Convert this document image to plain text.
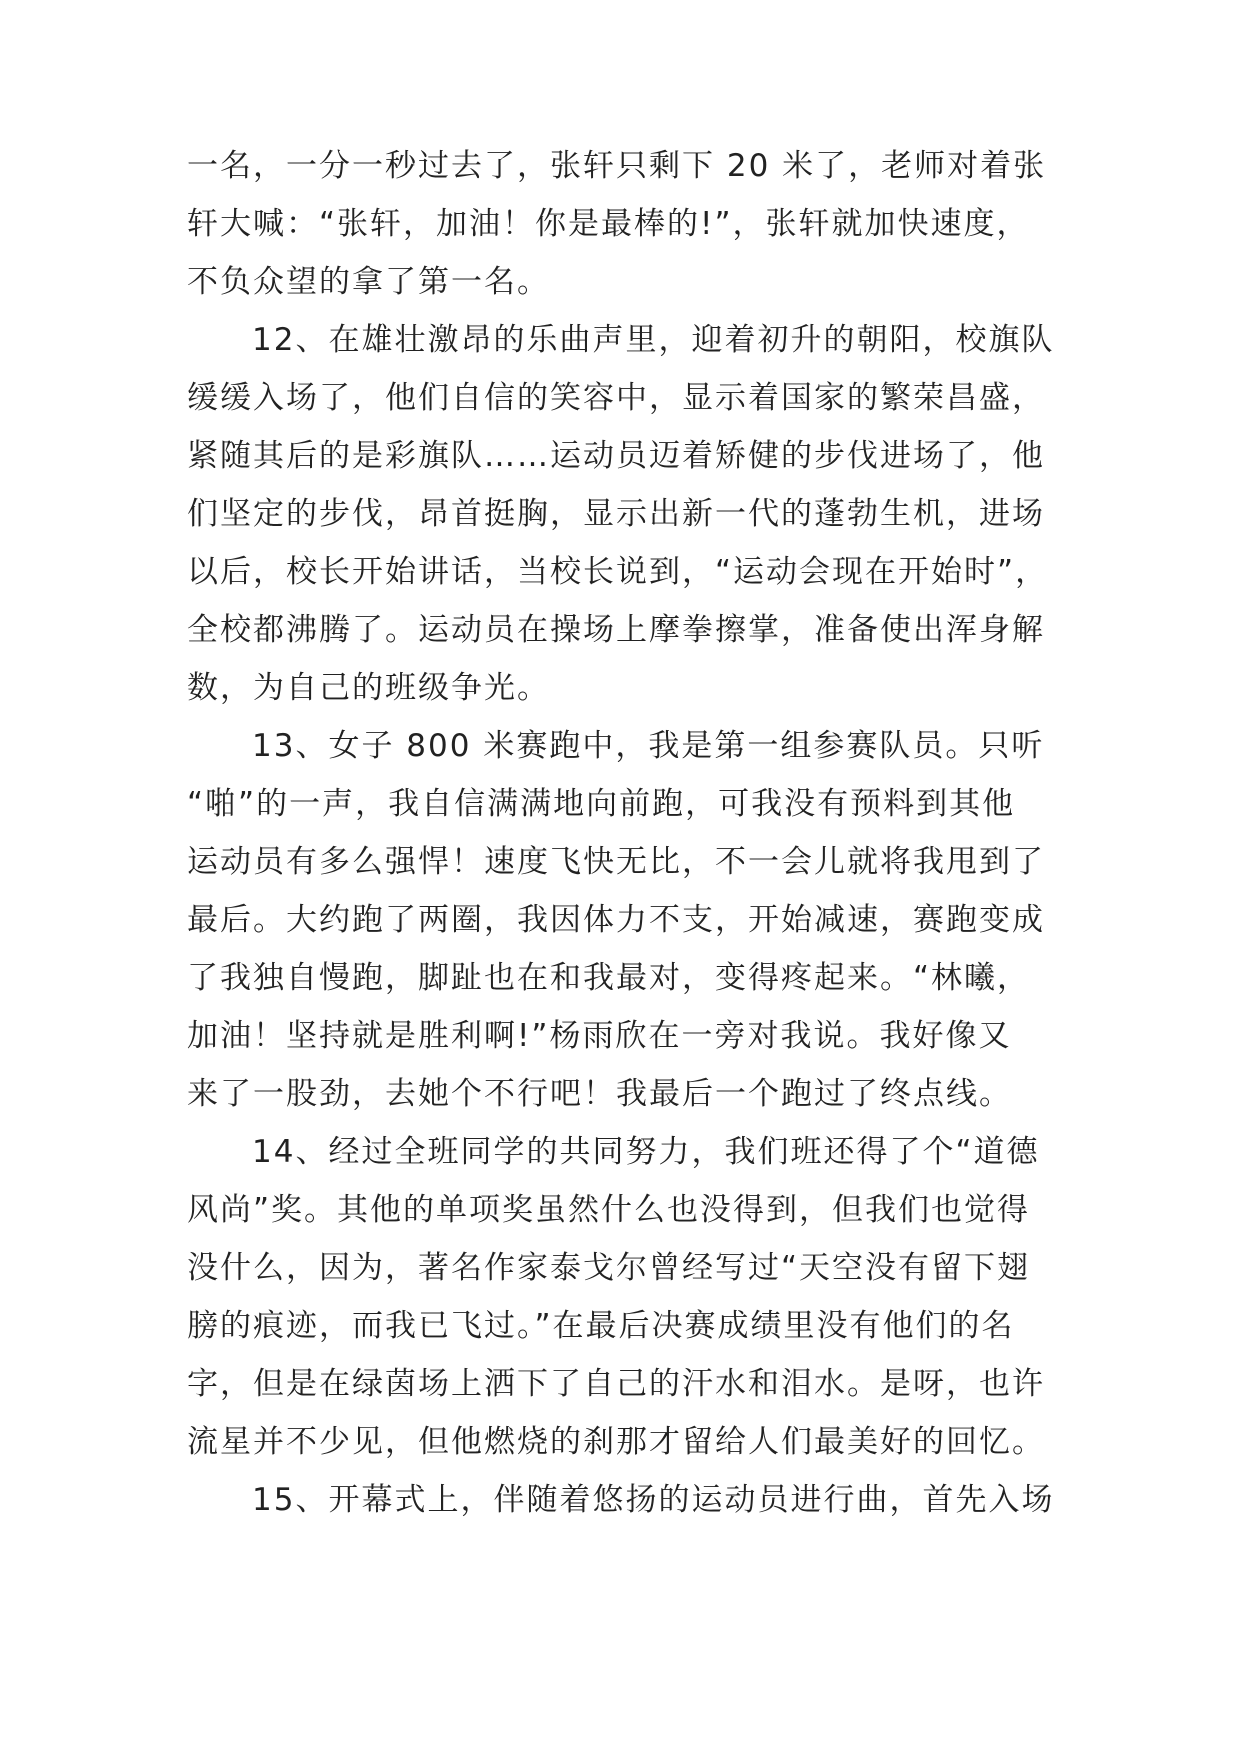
一名，一分一秒过去了，张轩只剩下 20 米了，老师对着张
轩大喊：“张轩，加油！你是最棒的!”，张轩就加快速度，
不负众望的拿了第一名。
12、在雄壮激昂的乐曲声里，迎着初升的朝阳，校旗队
缓缓入场了，他们自信的笑容中，显示着国家的繁荣昌盛，
紧随其后的是彩旗队……运动员迈着矫健的步伐进场了，他
们坚定的步伐，昂首挺胸，显示出新一代的蓬勃生机，进场
以后，校长开始讲话，当校长说到，“运动会现在开始时”，
全校都沸腾了。运动员在操场上摩拳擦掌，准备使出浑身解
数，为自己的班级争光。
13、女子 800 米赛跑中，我是第一组参赛队员。只听
“啪”的一声，我自信满满地向前跑，可我没有预料到其他
运动员有多么强悍！速度飞快无比，不一会儿就将我甩到了
最后。大约跑了两圈，我因体力不支，开始减速，赛跑变成
了我独自慢跑，脚趾也在和我最对，变得疼起来。“林曦，
加油！坚持就是胜利啊!”杨雨欣在一旁对我说。我好像又
来了一股劲，去她个不行吧！我最后一个跑过了终点线。
14、经过全班同学的共同努力，我们班还得了个“道德
风尚”奖。其他的单项奖虽然什么也没得到，但我们也觉得
没什么，因为，著名作家泰戈尔曾经写过“天空没有留下翅
膀的痕迹，而我已飞过。”在最后决赛成绩里没有他们的名
字，但是在绿茵场上洒下了自己的汗水和泪水。是呀，也许
流星并不少见，但他燃烧的刹那才留给人们最美好的回忆。
15、开幕式上，伴随着悠扬的运动员进行曲，首先入场
